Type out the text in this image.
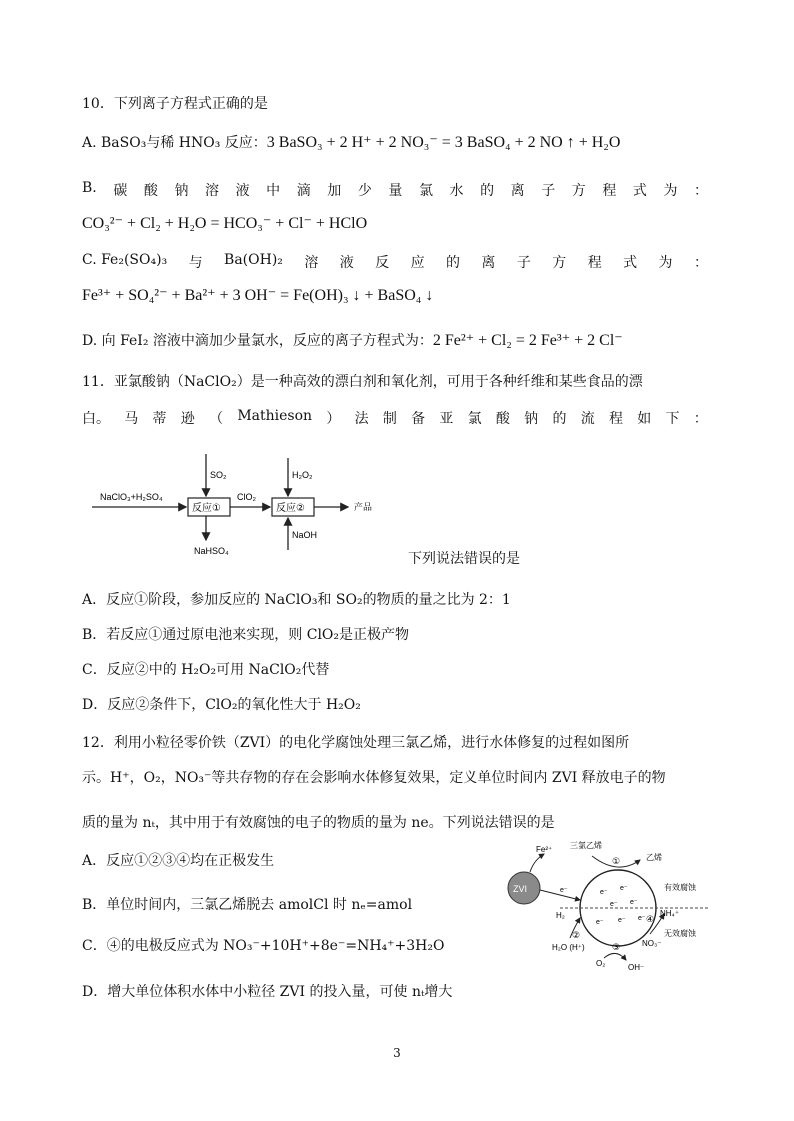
10．下列离子方程式正确的是
A. BaSO₃与稀 HNO₃ 反应：3 BaSO₃ + 2 H⁺ + 2 NO₃⁻ = 3 BaSO₄ + 2 NO ↑ + H₂O
B. 碳 酸 钠 溶 液 中 滴 加 少 量 氯 水 的 离 子 方 程 式 为 ：
CO₃²⁻ + Cl₂ + H₂O = HCO₃⁻ + Cl⁻ + HClO
C. Fe₂(SO₄)₃ 与 Ba(OH)₂ 溶 液 反 应 的 离 子 方 程 式 为 ：
Fe³⁺ + SO₄²⁻ + Ba²⁺ + 3 OH⁻ = Fe(OH)₃ ↓ + BaSO₄ ↓
D. 向 FeI₂ 溶液中滴加少量氯水，反应的离子方程式为：2 Fe²⁺ + Cl₂ = 2 Fe³⁺ + 2 Cl⁻
11．亚氯酸钠（NaClO₂）是一种高效的漂白剂和氧化剂，可用于各种纤维和某些食品的漂
白。 马 蒂 逊 （ Mathieson ） 法 制 备 亚 氯 酸 钠 的 流 程 如 下 ：
NaClO₃+H₂SO₄
反应①
SO₂
NaHSO₄
ClO₂
反应②
H₂O₂
NaOH
产品
下列说法错误的是
A．反应①阶段，参加反应的 NaClO₃和 SO₂的物质的量之比为 2：1
B．若反应①通过原电池来实现，则 ClO₂是正极产物
C．反应②中的 H₂O₂可用 NaClO₂代替
D．反应②条件下，ClO₂的氧化性大于 H₂O₂
12．利用小粒径零价铁（ZVI）的电化学腐蚀处理三氯乙烯，进行水体修复的过程如图所
示。H⁺，O₂，NO₃⁻等共存物的存在会影响水体修复效果，定义单位时间内 ZVI 释放电子的物
质的量为 nₜ，其中用于有效腐蚀的电子的物质的量为 ne。下列说法错误的是
A．反应①②③④均在正极发生
B．单位时间内，三氯乙烯脱去 amolCl 时 nₑ=amol
C．④的电极反应式为 NO₃⁻+10H⁺+8e⁻=NH₄⁺+3H₂O
D．增大单位体积水体中小粒径 ZVI 的投入量，可使 nₜ增大
ZVI
Fe²⁺
e⁻	e⁻
e⁻
e⁻ e⁻
e⁻ e⁻ e⁻
三氯乙烯
①	乙烯
有效腐蚀
无效腐蚀
H₂
②
H₂O (H⁺)
O₂
③
OH⁻
NO₃⁻
④
NH₄⁺
3
